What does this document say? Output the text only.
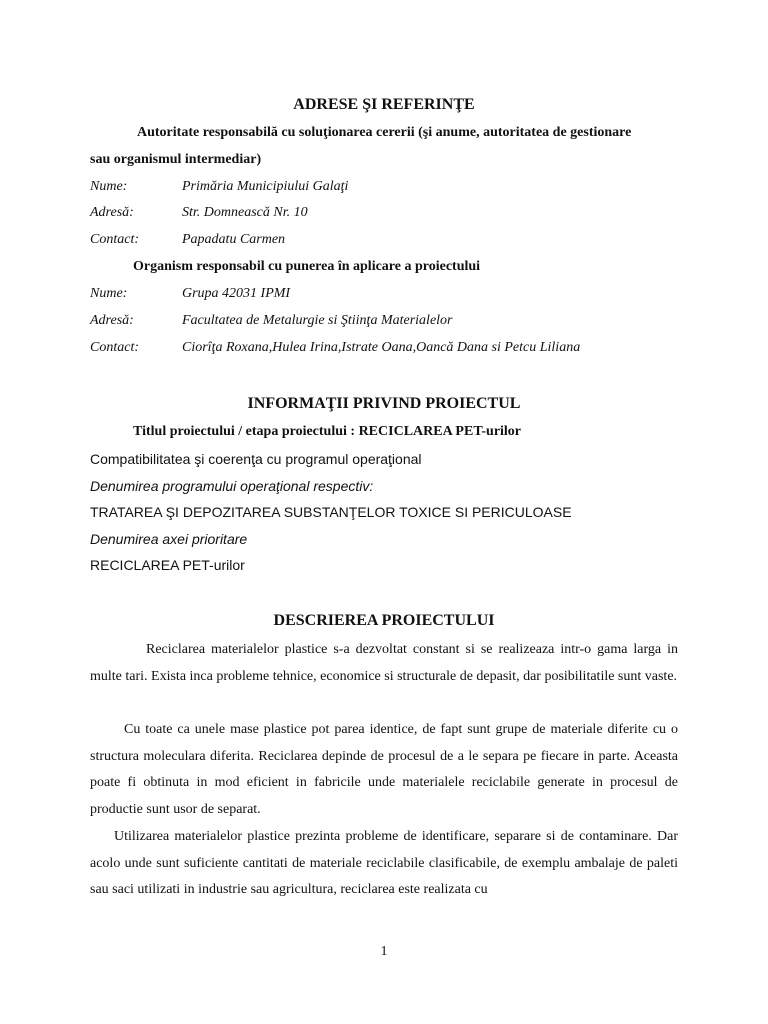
ADRESE ŞI REFERINŢE
Autoritate responsabilă cu soluţionarea cererii (şi anume, autoritatea de gestionare
sau organismul intermediar)
Nume:	Primăria Municipiului Galaţi
Adresă:	Str. Domnească Nr. 10
Contact:	Papadatu Carmen
Organism responsabil cu punerea în aplicare a proiectului
Nume:	Grupa 42031 IPMI
Adresă:	Facultatea de Metalurgie si Ştiinţa Materialelor
Contact:	Ciorîţa Roxana,Hulea Irina,Istrate Oana,Oancă Dana si Petcu Liliana
INFORMAŢII PRIVIND PROIECTUL
Titlul proiectului / etapa proiectului : RECICLAREA PET-urilor
Compatibilitatea şi coerenţa cu programul operaţional
Denumirea programului operaţional respectiv:
TRATAREA ŞI DEPOZITAREA SUBSTANŢELOR TOXICE SI PERICULOASE
Denumirea axei prioritare
RECICLAREA PET-urilor
DESCRIEREA PROIECTULUI
Reciclarea materialelor plastice s-a dezvoltat constant si se realizeaza intr-o gama larga in multe tari. Exista inca probleme tehnice, economice si structurale de depasit, dar posibilitatile sunt vaste.
Cu toate ca unele mase plastice pot parea identice, de fapt sunt grupe de materiale diferite cu o structura moleculara diferita. Reciclarea depinde de procesul de a le separa pe fiecare in parte. Aceasta poate fi obtinuta in mod eficient in fabricile unde materialele reciclabile generate in procesul de productie sunt usor de separat.
Utilizarea materialelor plastice prezinta probleme de identificare, separare si de contaminare. Dar acolo unde sunt suficiente cantitati de materiale reciclabile clasificabile, de exemplu ambalaje de paleti sau saci utilizati in industrie sau agricultura, reciclarea este realizata cu
1
